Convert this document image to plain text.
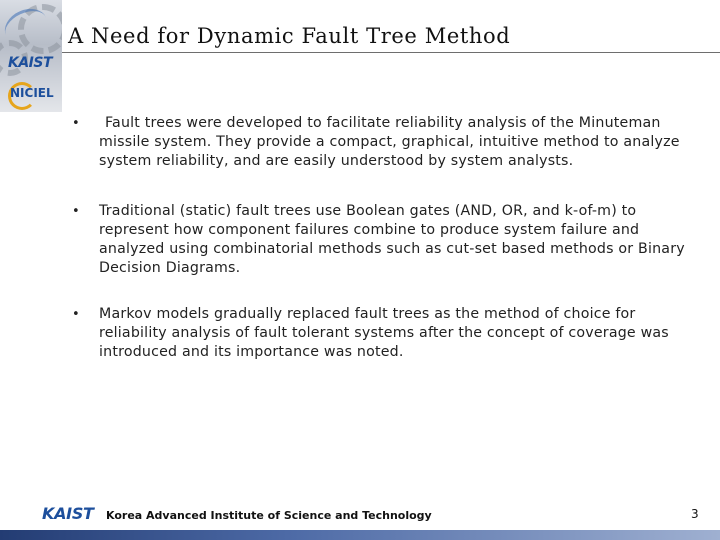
KAIST
NICIEL
A Need for Dynamic Fault Tree Method
•	Fault trees were developed to facilitate reliability analysis of the Minuteman missile system. They provide a compact, graphical, intuitive method to analyze system reliability, and are easily understood by system analysts.
• Traditional (static) fault trees use Boolean gates (AND, OR, and k-of-m) to represent how component failures combine to produce system failure and analyzed using combinatorial methods such as cut-set based methods or Binary Decision Diagrams.
• Markov models gradually replaced fault trees as the method of choice for reliability analysis of fault tolerant systems after the concept of coverage was introduced and its importance was noted.
KAIST Korea Advanced Institute of Science and Technology	3
